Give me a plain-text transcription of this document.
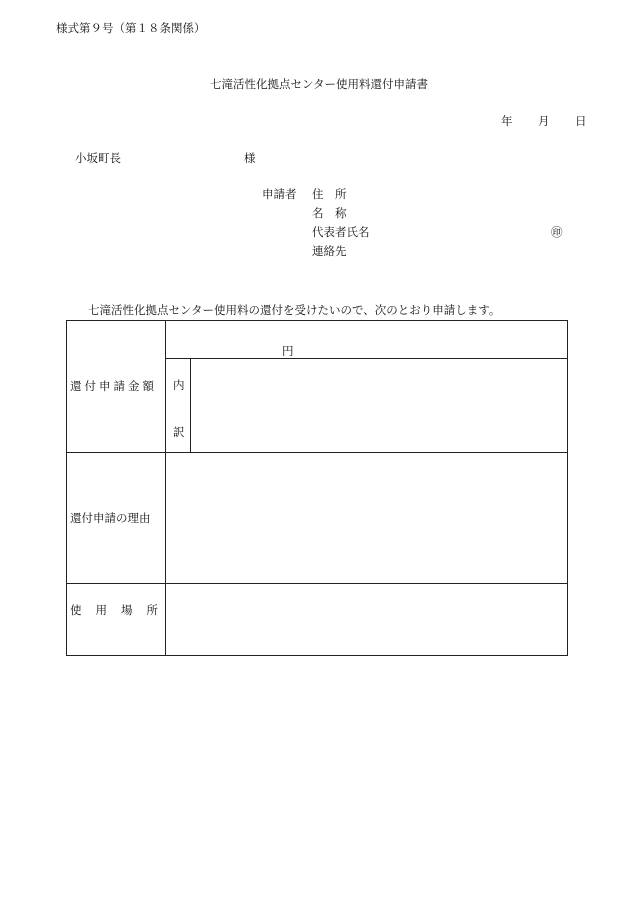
様式第９号（第１８条関係）
七滝活性化拠点センター使用料還付申請書
年 月 日
小坂町長	様
申請者 住　所
名　称
代表者氏名	㊞
連絡先
七滝活性化拠点センター使用料の還付を受けたいので、次のとおり申請します。
還付申請金額
円
内
訳
還付申請の理由
使用場所
